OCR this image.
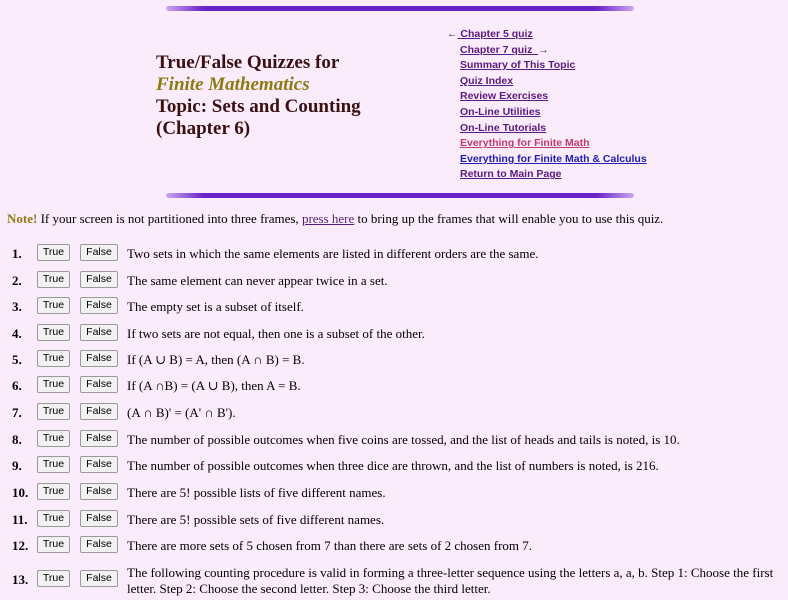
True/False Quizzes for
Finite Mathematics
Topic: Sets and Counting
(Chapter 6)
← Chapter 5 quiz
Chapter 7 quiz →
Summary of This Topic
Quiz Index
Review Exercises
On-Line Utilities
On-Line Tutorials
Everything for Finite Math
Everything for Finite Math & Calculus
Return to Main Page
Note! If your screen is not partitioned into three frames, press here to bring up the frames that will enable you to use this quiz.
1.	True	False	Two sets in which the same elements are listed in different orders are the same.
2.	True	False	The same element can never appear twice in a set.
3.	True	False	The empty set is a subset of itself.
4.	True	False	If two sets are not equal, then one is a subset of the other.
5.	True	False	If (A ∪ B) = A, then (A ∩ B) = B.
6.	True	False	If (A ∩B) = (A ∪ B), then A = B.
7.	True	False	(A ∩ B)' = (A' ∩ B').
8.	True	False	The number of possible outcomes when five coins are tossed, and the list of heads and tails is noted, is 10.
9.	True	False	The number of possible outcomes when three dice are thrown, and the list of numbers is noted, is 216.
10.	True	False	There are 5! possible lists of five different names.
11.	True	False	There are 5! possible sets of five different names.
12.	True	False	There are more sets of 5 chosen from 7 than there are sets of 2 chosen from 7.
13.	True	False	The following counting procedure is valid in forming a three-letter sequence using the letters a, a, b. Step 1: Choose the first letter. Step 2: Choose the second letter. Step 3: Choose the third letter.
